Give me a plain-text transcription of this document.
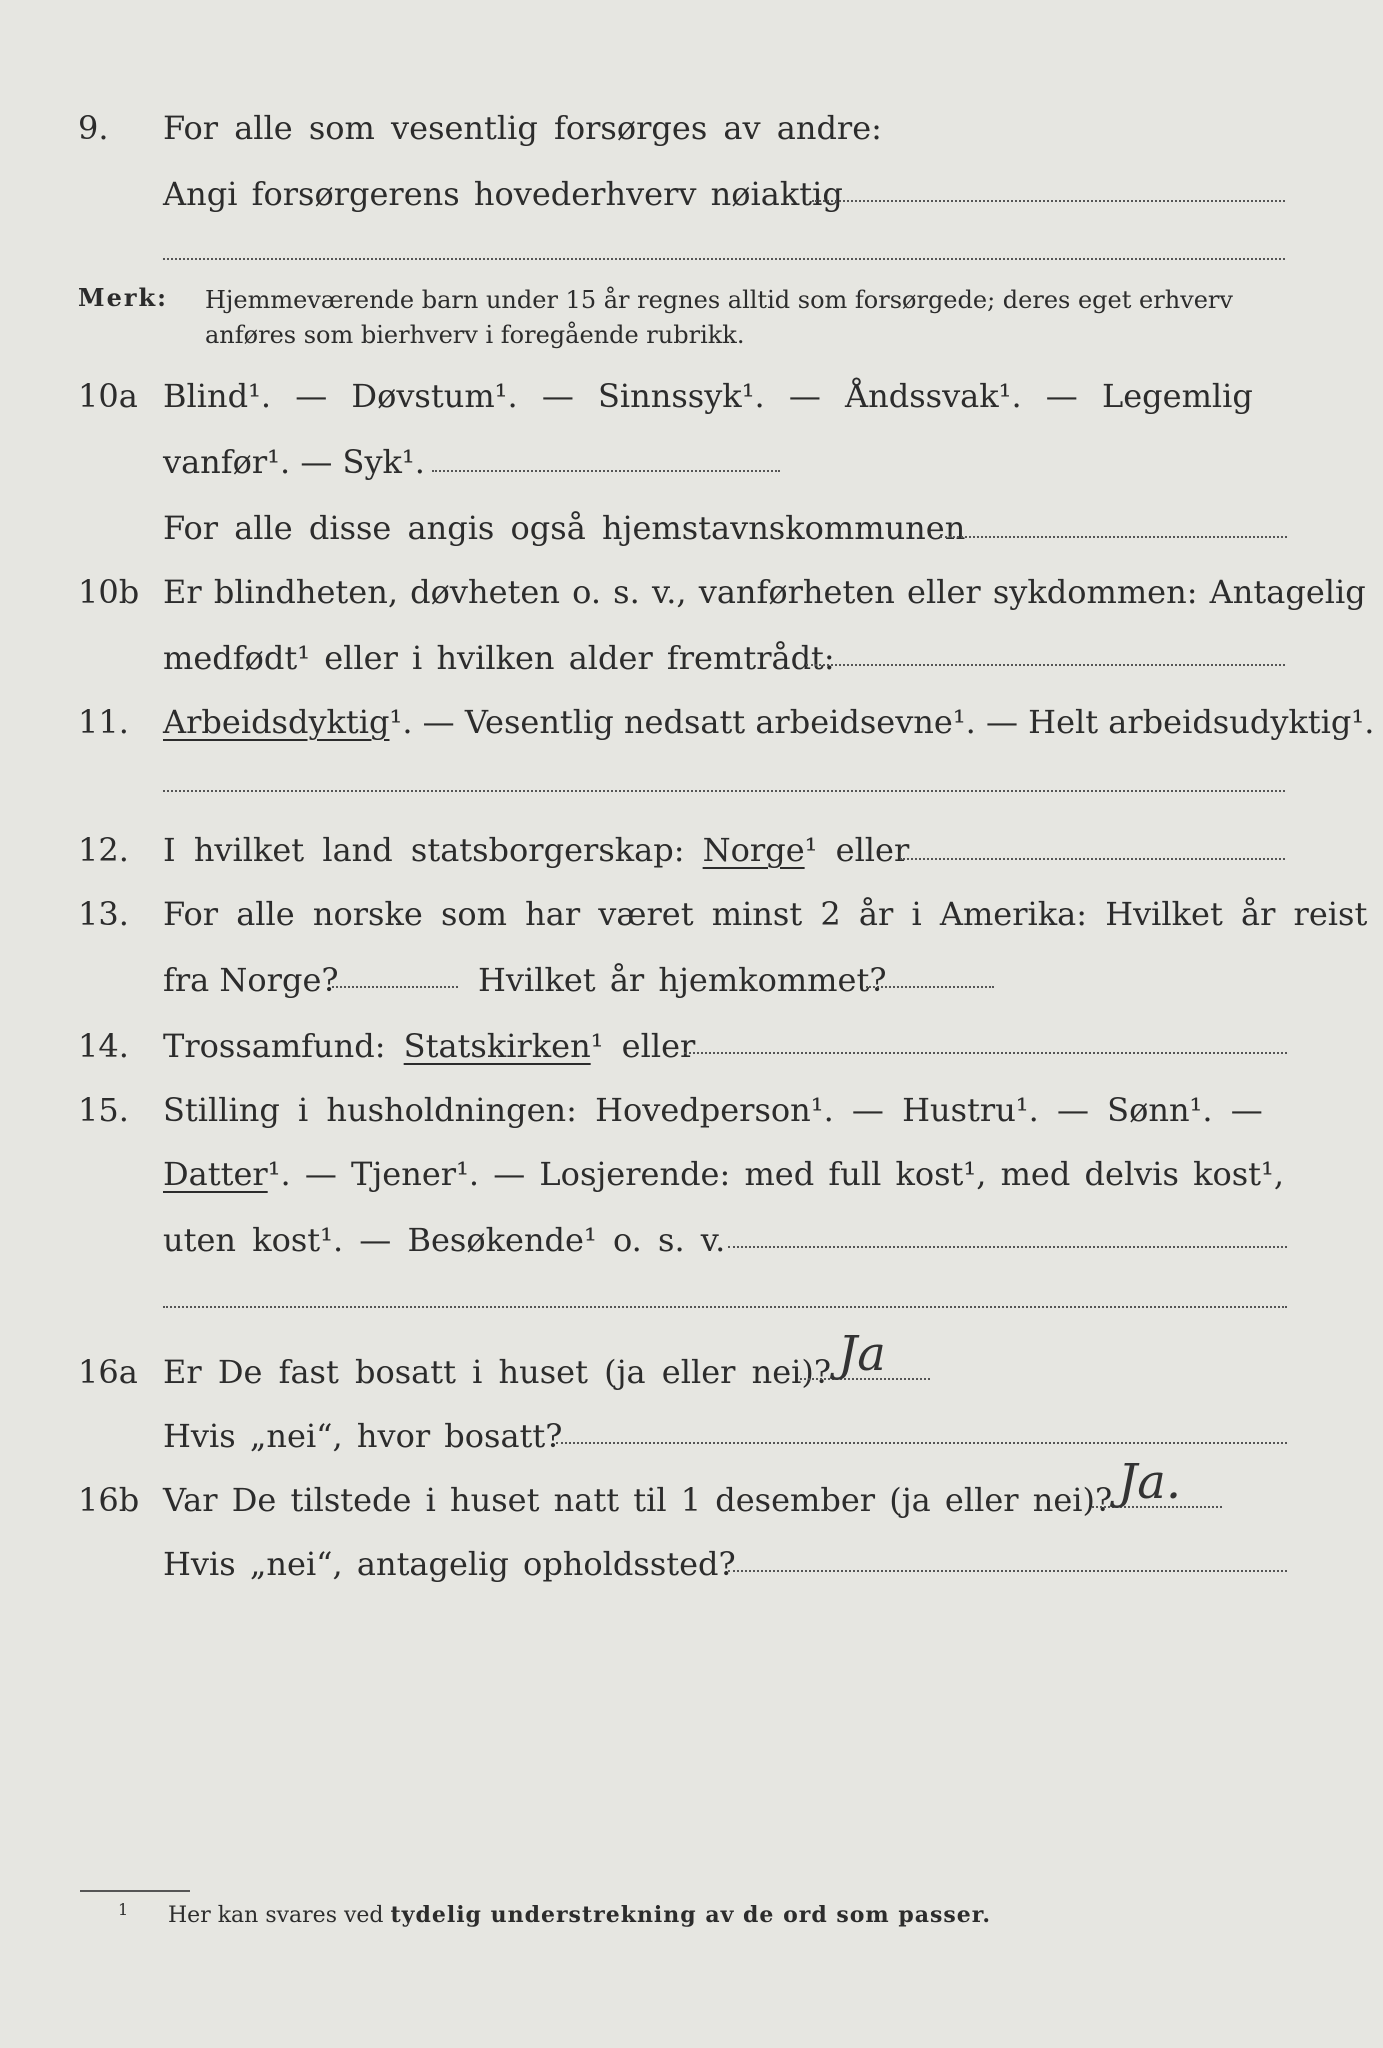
9. For alle som vesentlig forsørges av andre:
Angi forsørgerens hovederhverv nøiaktig
Merk: Hjemmeværende barn under 15 år regnes alltid som forsørgede; deres eget erhverv
anføres som bierhverv i foregående rubrikk.
10a Blind¹. — Døvstum¹. — Sinnssyk¹. — Åndssvak¹. — Legemlig
vanfør¹. — Syk¹.
For alle disse angis også hjemstavnskommunen
10b Er blindheten, døvheten o. s. v., vanførheten eller sykdommen: Antagelig
medfødt¹ eller i hvilken alder fremtrådt:
11. Arbeidsdyktig¹. — Vesentlig nedsatt arbeidsevne¹. — Helt arbeidsudyktig¹.
12. I hvilket land statsborgerskap: Norge¹ eller
13. For alle norske som har været minst 2 år i Amerika: Hvilket år reist
fra Norge?	Hvilket år hjemkommet?
14. Trossamfund: Statskirken¹ eller
15. Stilling i husholdningen: Hovedperson¹. — Hustru¹. — Sønn¹. —
Datter¹. — Tjener¹. — Losjerende: med full kost¹, med delvis kost¹,
uten kost¹. — Besøkende¹ o. s. v.
16a Er De fast bosatt i huset (ja eller nei)? Ja
Hvis „nei“, hvor bosatt?
16b Var De tilstede i huset natt til 1 desember (ja eller nei)? Ja.
Hvis „nei“, antagelig opholdssted?
1 Her kan svares ved tydelig understrekning av de ord som passer.
